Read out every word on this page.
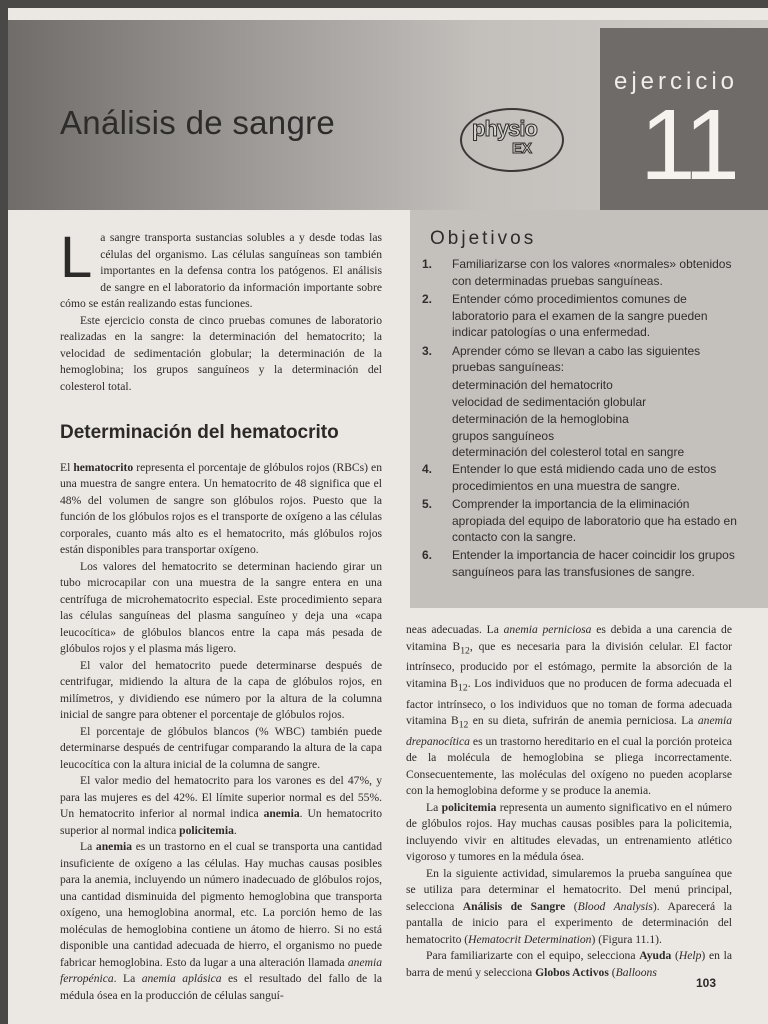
Análisis de sangre	physio
EX
ejercicio
11
Objetivos
1. Familiarizarse con los valores «normales» obtenidos con determinadas pruebas sanguíneas.
2. Entender cómo procedimientos comunes de laboratorio para el examen de la sangre pueden indicar patologías o una enfermedad.
3. Aprender cómo se llevan a cabo las siguientes pruebas sanguíneas:
determinación del hematocrito
velocidad de sedimentación globular
determinación de la hemoglobina
grupos sanguíneos
determinación del colesterol total en sangre
4. Entender lo que está midiendo cada uno de estos procedimientos en una muestra de sangre.
5. Comprender la importancia de la eliminación apropiada del equipo de laboratorio que ha estado en contacto con la sangre.
6. Entender la importancia de hacer coincidir los grupos sanguíneos para las transfusiones de sangre.

La sangre transporta sustancias solubles a y desde todas las células del organismo. Las células sanguíneas son también importantes en la defensa contra los patógenos. El análisis de sangre en el laboratorio da información importante sobre cómo se están realizando estas funciones.

Este ejercicio consta de cinco pruebas comunes de laboratorio realizadas en la sangre: la determinación del hematocrito; la velocidad de sedimentación globular; la determinación de la hemoglobina; los grupos sanguíneos y la determinación del colesterol total.

Determinación del hematocrito

El hematocrito representa el porcentaje de glóbulos rojos (RBCs) en una muestra de sangre entera. Un hematocrito de 48 significa que el 48% del volumen de sangre son glóbulos rojos. Puesto que la función de los glóbulos rojos es el transporte de oxígeno a las células corporales, cuanto más alto es el hematocrito, más glóbulos rojos están disponibles para transportar oxígeno.

Los valores del hematocrito se determinan haciendo girar un tubo microcapilar con una muestra de la sangre entera en una centrífuga de microhematocrito especial. Este procedimiento separa las células sanguíneas del plasma sanguíneo y deja una «capa leucocítica» de glóbulos blancos entre la capa más pesada de glóbulos rojos y el plasma más ligero.

El valor del hematocrito puede determinarse después de centrifugar, midiendo la altura de la capa de glóbulos rojos, en milímetros, y dividiendo ese número por la altura de la columna inicial de sangre para obtener el porcentaje de glóbulos rojos.

El porcentaje de glóbulos blancos (% WBC) también puede determinarse después de centrifugar comparando la altura de la capa leucocítica con la altura inicial de la columna de sangre.

El valor medio del hematocrito para los varones es del 47%, y para las mujeres es del 42%. El límite superior normal es del 55%. Un hematocrito inferior al normal indica anemia. Un hematocrito superior al normal indica policitemia.

La anemia es un trastorno en el cual se transporta una cantidad insuficiente de oxígeno a las células. Hay muchas causas posibles para la anemia, incluyendo un número inadecuado de glóbulos rojos, una cantidad disminuida del pigmento hemoglobina que transporta oxígeno, una hemoglobina anormal, etc. La porción hemo de las moléculas de hemoglobina contiene un átomo de hierro. Si no está disponible una cantidad adecuada de hierro, el organismo no puede fabricar hemoglobina. Esto da lugar a una alteración llamada anemia ferropénica. La anemia aplásica es el resultado del fallo de la médula ósea en la producción de células sanguí-

neas adecuadas. La anemia perniciosa es debida a una carencia de vitamina $B_{12}$, que es necesaria para la división celular. El factor intrínseco, producido por el estómago, permite la absorción de la vitamina $B_{12}$. Los individuos que no producen de forma adecuada el factor intrínseco, o los individuos que no toman de forma adecuada vitamina $B_{12}$ en su dieta, sufrirán de anemia perniciosa. La anemia drepanocítica es un trastorno hereditario en el cual la porción proteica de la molécula de hemoglobina se pliega incorrectamente. Consecuentemente, las moléculas del oxígeno no pueden acoplarse con la hemoglobina deforme y se produce la anemia.

La policitemia representa un aumento significativo en el número de glóbulos rojos. Hay muchas causas posibles para la policitemia, incluyendo vivir en altitudes elevadas, un entrenamiento atlético vigoroso y tumores en la médula ósea.

En la siguiente actividad, simularemos la prueba sanguínea que se utiliza para determinar el hematocrito. Del menú principal, selecciona Análisis de Sangre (Blood Analysis). Aparecerá la pantalla de inicio para el experimento de determinación del hematocrito (Hematocrit Determination) (Figura 11.1).

Para familiarizarte con el equipo, selecciona Ayuda (Help) en la barra de menú y selecciona Globos Activos (Balloons

103
